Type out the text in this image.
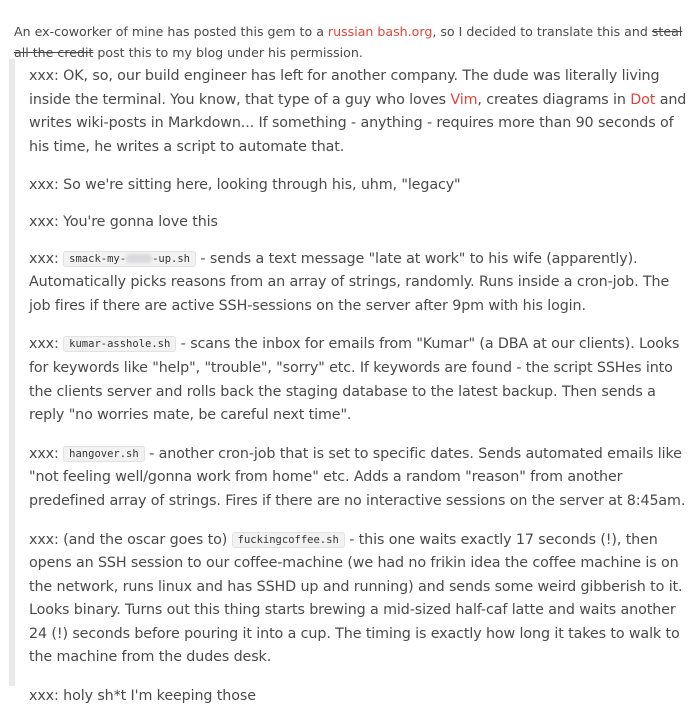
An ex-coworker of mine has posted this gem to a russian bash.org, so I decided to translate this and steal all the credit post this to my blog under his permission.

xxx: OK, so, our build engineer has left for another company. The dude was literally living inside the terminal. You know, that type of a guy who loves Vim, creates diagrams in Dot and writes wiki-posts in Markdown... If something - anything - requires more than 90 seconds of his time, he writes a script to automate that.

xxx: So we're sitting here, looking through his, uhm, "legacy"

xxx: You're gonna love this

xxx: smack-my- -up.sh - sends a text message "late at work" to his wife (apparently). Automatically picks reasons from an array of strings, randomly. Runs inside a cron-job. The job fires if there are active SSH-sessions on the server after 9pm with his login.

xxx: kumar-asshole.sh - scans the inbox for emails from "Kumar" (a DBA at our clients). Looks for keywords like "help", "trouble", "sorry" etc. If keywords are found - the script SSHes into the clients server and rolls back the staging database to the latest backup. Then sends a reply "no worries mate, be careful next time".

xxx: hangover.sh - another cron-job that is set to specific dates. Sends automated emails like "not feeling well/gonna work from home" etc. Adds a random "reason" from another predefined array of strings. Fires if there are no interactive sessions on the server at 8:45am.

xxx: (and the oscar goes to) fuckingcoffee.sh - this one waits exactly 17 seconds (!), then opens an SSH session to our coffee-machine (we had no frikin idea the coffee machine is on the network, runs linux and has SSHD up and running) and sends some weird gibberish to it. Looks binary. Turns out this thing starts brewing a mid-sized half-caf latte and waits another 24 (!) seconds before pouring it into a cup. The timing is exactly how long it takes to walk to the machine from the dudes desk.

xxx: holy sh*t I'm keeping those
